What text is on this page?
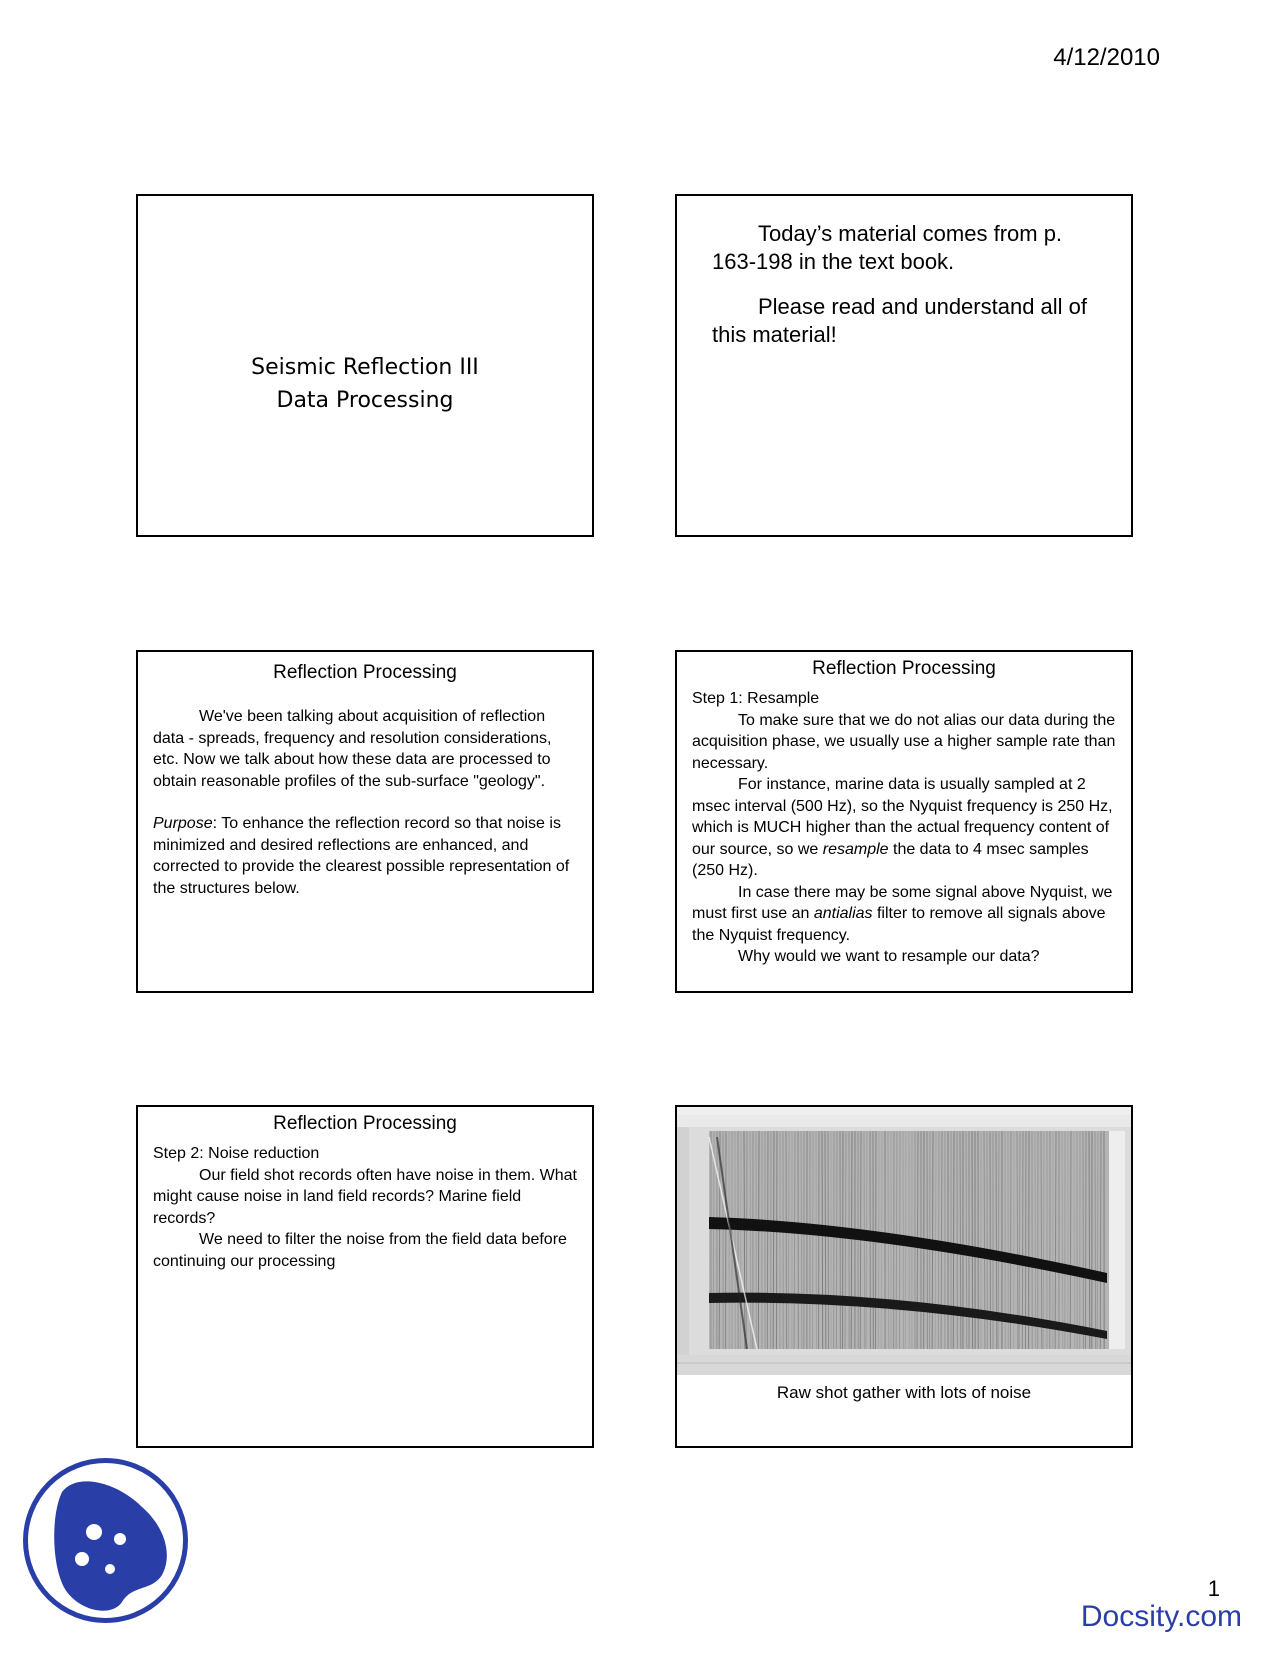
4/12/2010
Seismic Reflection III
Data Processing

Today’s material comes from p. 163-198 in the text book.

Please read and understand all of this material!

Reflection Processing

We've been talking about acquisition of reflection data - spreads, frequency and resolution considerations, etc. Now we talk about how these data are processed to obtain reasonable profiles of the sub-surface "geology".

Purpose: To enhance the reflection record so that noise is minimized and desired reflections are enhanced, and corrected to provide the clearest possible representation of the structures below.

Reflection Processing

Step 1: Resample

To make sure that we do not alias our data during the acquisition phase, we usually use a higher sample rate than necessary.

For instance, marine data is usually sampled at 2 msec interval (500 Hz), so the Nyquist frequency is 250 Hz, which is MUCH higher than the actual frequency content of our source, so we resample the data to 4 msec samples (250 Hz).

In case there may be some signal above Nyquist, we must first use an antialias filter to remove all signals above the Nyquist frequency.

Why would we want to resample our data?

Reflection Processing

Step 2: Noise reduction

Our field shot records often have noise in them. What might cause noise in land field records? Marine field records?

We need to filter the noise from the field data before continuing our processing

Raw shot gather with lots of noise
1
Docsity.com
